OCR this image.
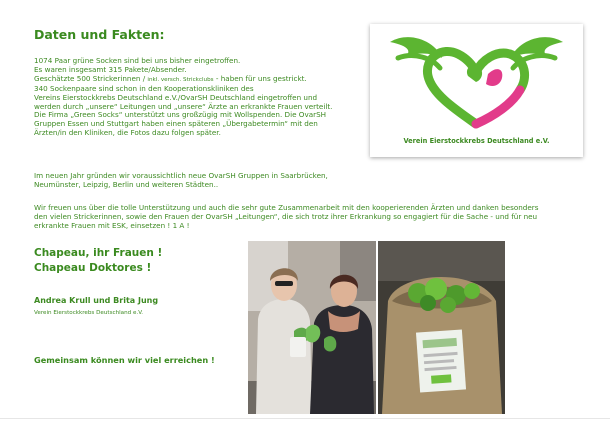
Daten und Fakten:
1074 Paar grüne Socken sind bei uns bisher eingetroffen.
Es waren insgesamt 315 Pakete/Absender.
Geschätzte 500 Strickerinnen / inkl. versch. Strickclubs - haben für uns gestrickt.
340 Sockenpaare sind schon in den Kooperationskliniken des
Vereins Eierstockkrebs Deutschland e.V./OvarSH Deutschland eingetroffen und
werden durch „unsere“ Leitungen und „unsere“ Ärzte an erkrankte Frauen verteilt.
Die Firma „Green Socks“ unterstützt uns großzügig mit Wollspenden. Die OvarSH
Gruppen Essen und Stuttgart haben einen späteren „Übergabetermin“ mit den
Ärzten/in den Kliniken, die Fotos dazu folgen später.
Im neuen Jahr gründen wir voraussichtlich neue OvarSH Gruppen in Saarbrücken,
Neumünster, Leipzig, Berlin und weiteren Städten..
Wir freuen uns über die tolle Unterstützung und auch die sehr gute Zusammenarbeit mit den kooperierenden Ärzten und danken besonders
den vielen Strickerinnen, sowie den Frauen der OvarSH „Leitungen“, die sich trotz ihrer Erkrankung so engagiert für die Sache - und für neu
erkrankte Frauen mit ESK, einsetzen ! 1 A !
Chapeau, ihr Frauen !
Chapeau Doktores !
Andrea Krull und Brita Jung
Verein Eierstockkrebs Deutschland e.V.
Gemeinsam können wir viel erreichen !
Verein Eierstockkrebs Deutschland e.V.
